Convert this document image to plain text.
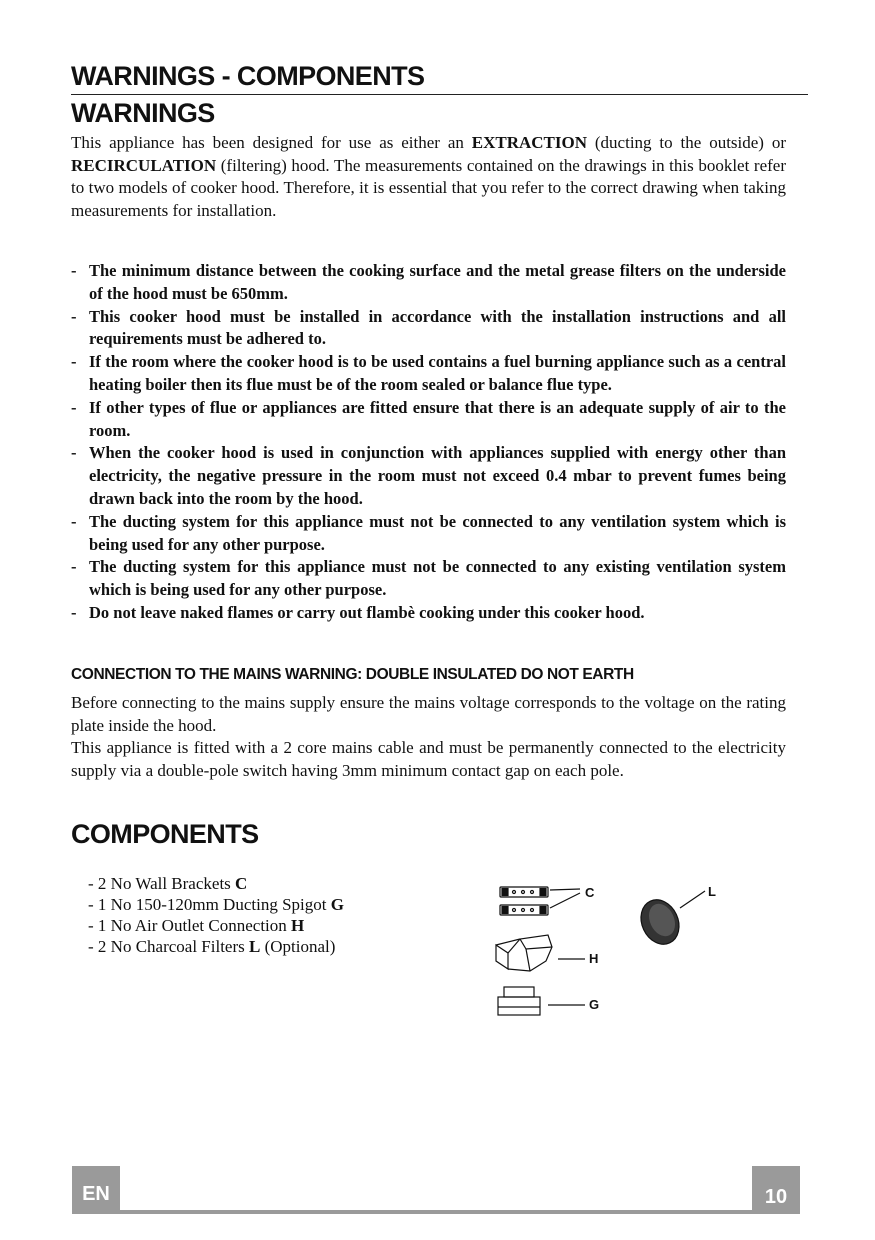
WARNINGS - COMPONENTS
WARNINGS

This appliance has been designed for use as either an EXTRACTION (ducting to the outside) or RECIRCULATION (filtering) hood. The measurements contained on the drawings in this booklet refer to two models of cooker hood. Therefore, it is essential that you refer to the correct drawing when taking measurements for installation.

- The minimum distance between the cooking surface and the metal grease filters on the underside of the hood must be 650mm.
- This cooker hood must be installed in accordance with the installation instructions and all requirements must be adhered to.
- If the room where the cooker hood is to be used contains a fuel burning appliance such as a central heating boiler then its flue must be of the room sealed or balance flue type.
- If other types of flue or appliances are fitted ensure that there is an adequate supply of air to the room.
- When the cooker hood is used in conjunction with appliances supplied with energy other than electricity, the negative pressure in the room must not exceed 0.4 mbar to prevent fumes being drawn back into the room by the hood.
- The ducting system for this appliance must not be connected to any ventilation system which is being used for any other purpose.
- The ducting system for this appliance must not be connected to any existing ventilation system which is being used for any other purpose.
- Do not leave naked flames or carry out flambè cooking under this cooker hood.
CONNECTION TO THE MAINS WARNING: DOUBLE INSULATED DO NOT EARTH

Before connecting to the mains supply ensure the mains voltage corresponds to the voltage on the rating plate inside the hood.

This appliance is fitted with a 2 core mains cable and must be permanently connected to the electricity supply via a double-pole switch having 3mm minimum contact gap on each pole.

COMPONENTS
- 2 No Wall Brackets C
- 1 No 150-120mm Ducting Spigot G
- 1 No Air Outlet Connection H
- 2 No Charcoal Filters L (Optional)
C	L
H
G
EN	10
